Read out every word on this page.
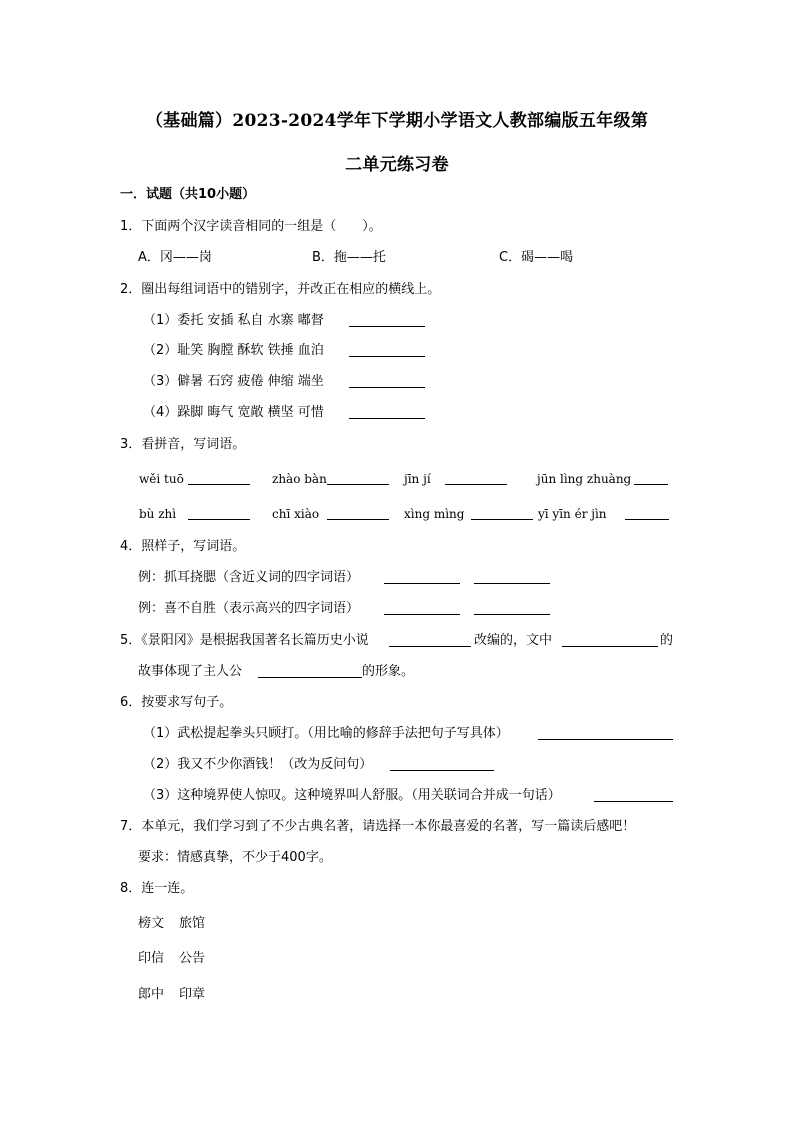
（基础篇）2023-2024学年下学期小学语文人教部编版五年级第
二单元练习卷
一．试题（共10小题）
1．下面两个汉字读音相同的一组是（　　）。
A．冈——岗	B．拖——托	C．碣——喝
2．圈出每组词语中的错别字，并改正在相应的横线上。
（1）委托 安插 私自 水寨 嘟督
（2）耻笑 胸膛 酥软 铁捶 血泊
（3）僻暑 石窍 疲倦 伸缩 端坐
（4）跺脚 晦气 宽敞 横坚 可惜
3．看拼音，写词语。
wěi tuō	zhào bàn	jīn jí	jūn lìng zhuàng
bù zhì	chī xiào	xìng mìng	yī yīn ér jìn
4．照样子，写词语。
例：抓耳挠腮（含近义词的四字词语）
例：喜不自胜（表示高兴的四字词语）
5．《景阳冈》是根据我国著名长篇历史小说	改编的，文中	的
故事体现了主人公	的形象。
6．按要求写句子。
（1）武松提起拳头只顾打。（用比喻的修辞手法把句子写具体）
（2）我又不少你酒钱！（改为反问句）
（3）这种境界使人惊叹。这种境界叫人舒服。（用关联词合并成一句话）
7．本单元，我们学习到了不少古典名著，请选择一本你最喜爱的名著，写一篇读后感吧！
要求：情感真挚，不少于400字。
8．连一连。
榜文 旅馆
印信 公告
郎中 印章
